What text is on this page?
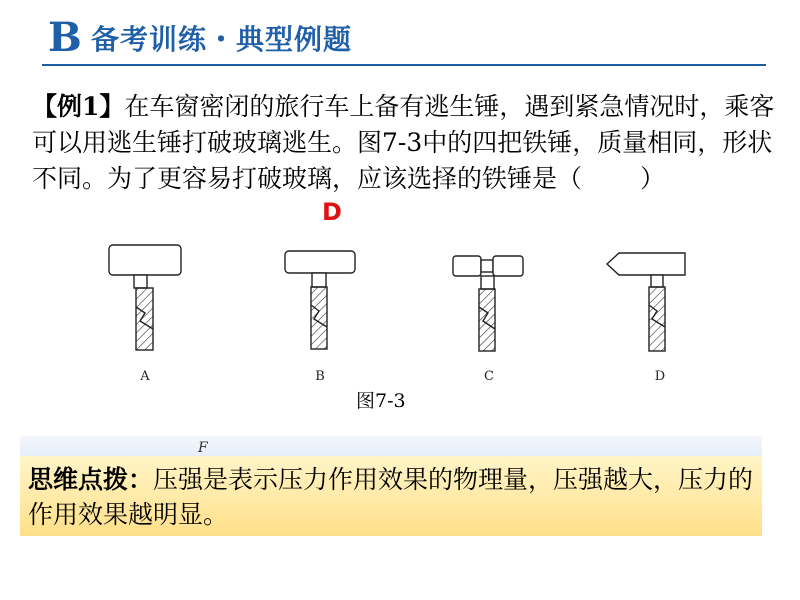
B 备考训练・典型例题
【例1】在车窗密闭的旅行车上备有逃生锤，遇到紧急情况时，乘客可以用逃生锤打破玻璃逃生。图7-3中的四把铁锤，质量相同，形状不同。为了更容易打破玻璃，应该选择的铁锤是（ ）
D
A	B	C	D
图7-3
F
思维点拨：压强是表示压力作用效果的物理量，压强越大，压力的作用效果越明显。
